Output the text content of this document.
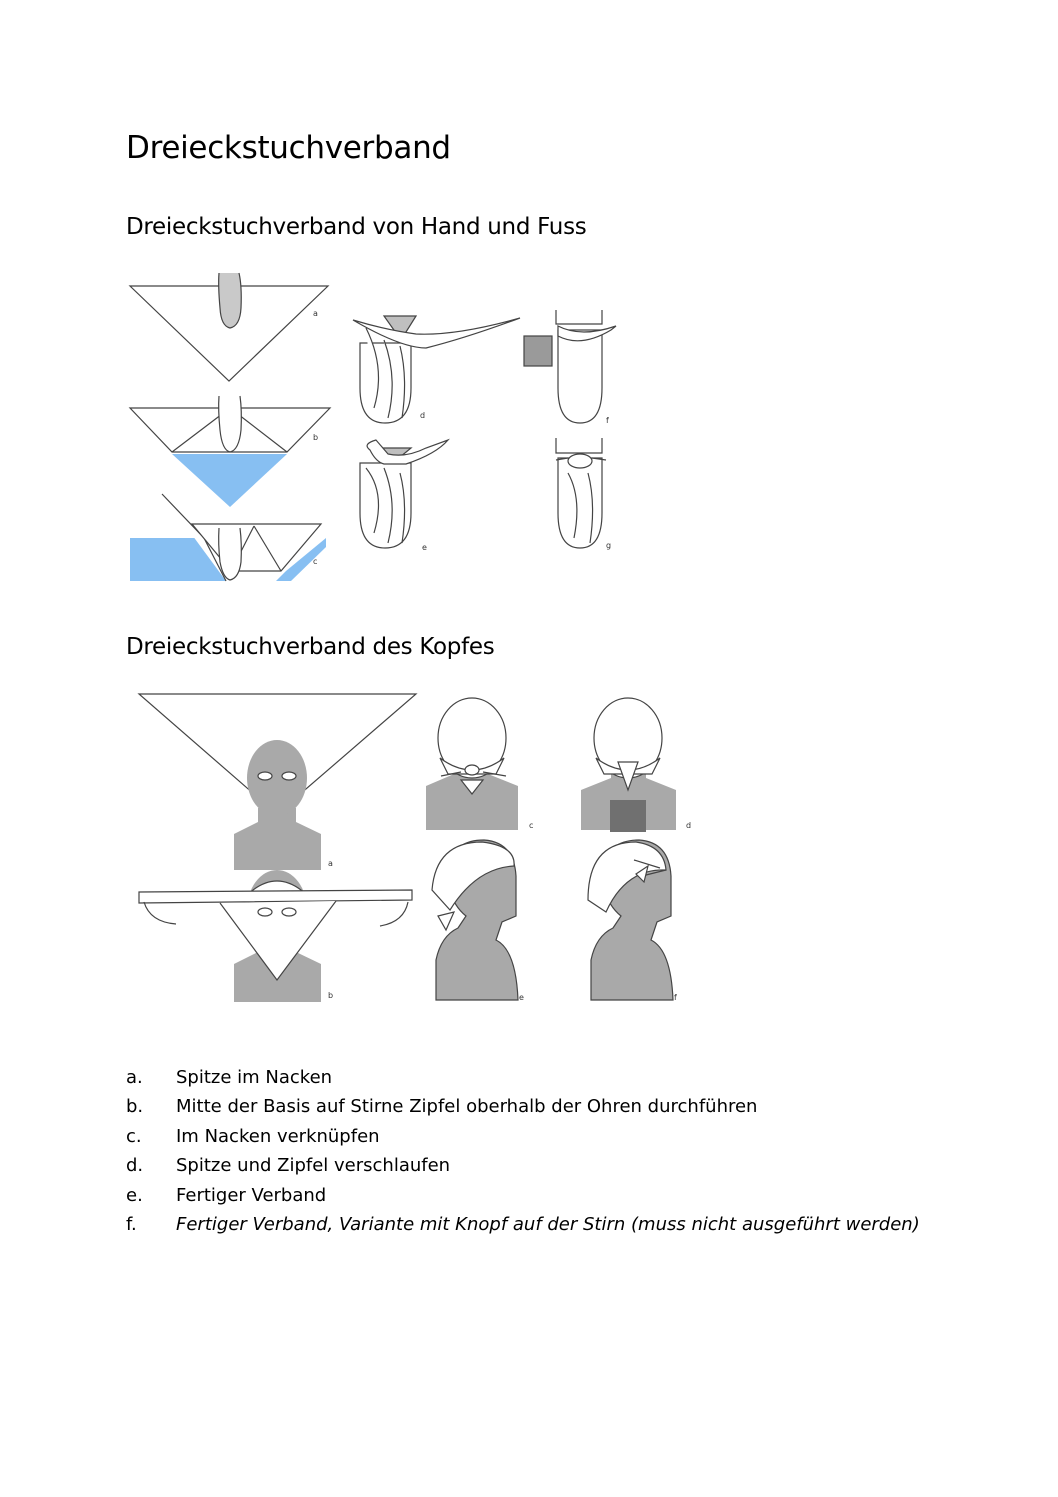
Dreieckstuchverband
Dreieckstuchverband von Hand und Fuss
a
b
c
d
e
f
g
Dreieckstuchverband des Kopfes
a
b
c	d
e	f
a. Spitze im Nacken
b. Mitte der Basis auf Stirne Zipfel oberhalb der Ohren durchführen
c. Im Nacken verknüpfen
d. Spitze und Zipfel verschlaufen
e. Fertiger Verband
f. Fertiger Verband, Variante mit Knopf auf der Stirn (muss nicht ausgeführt werden)
